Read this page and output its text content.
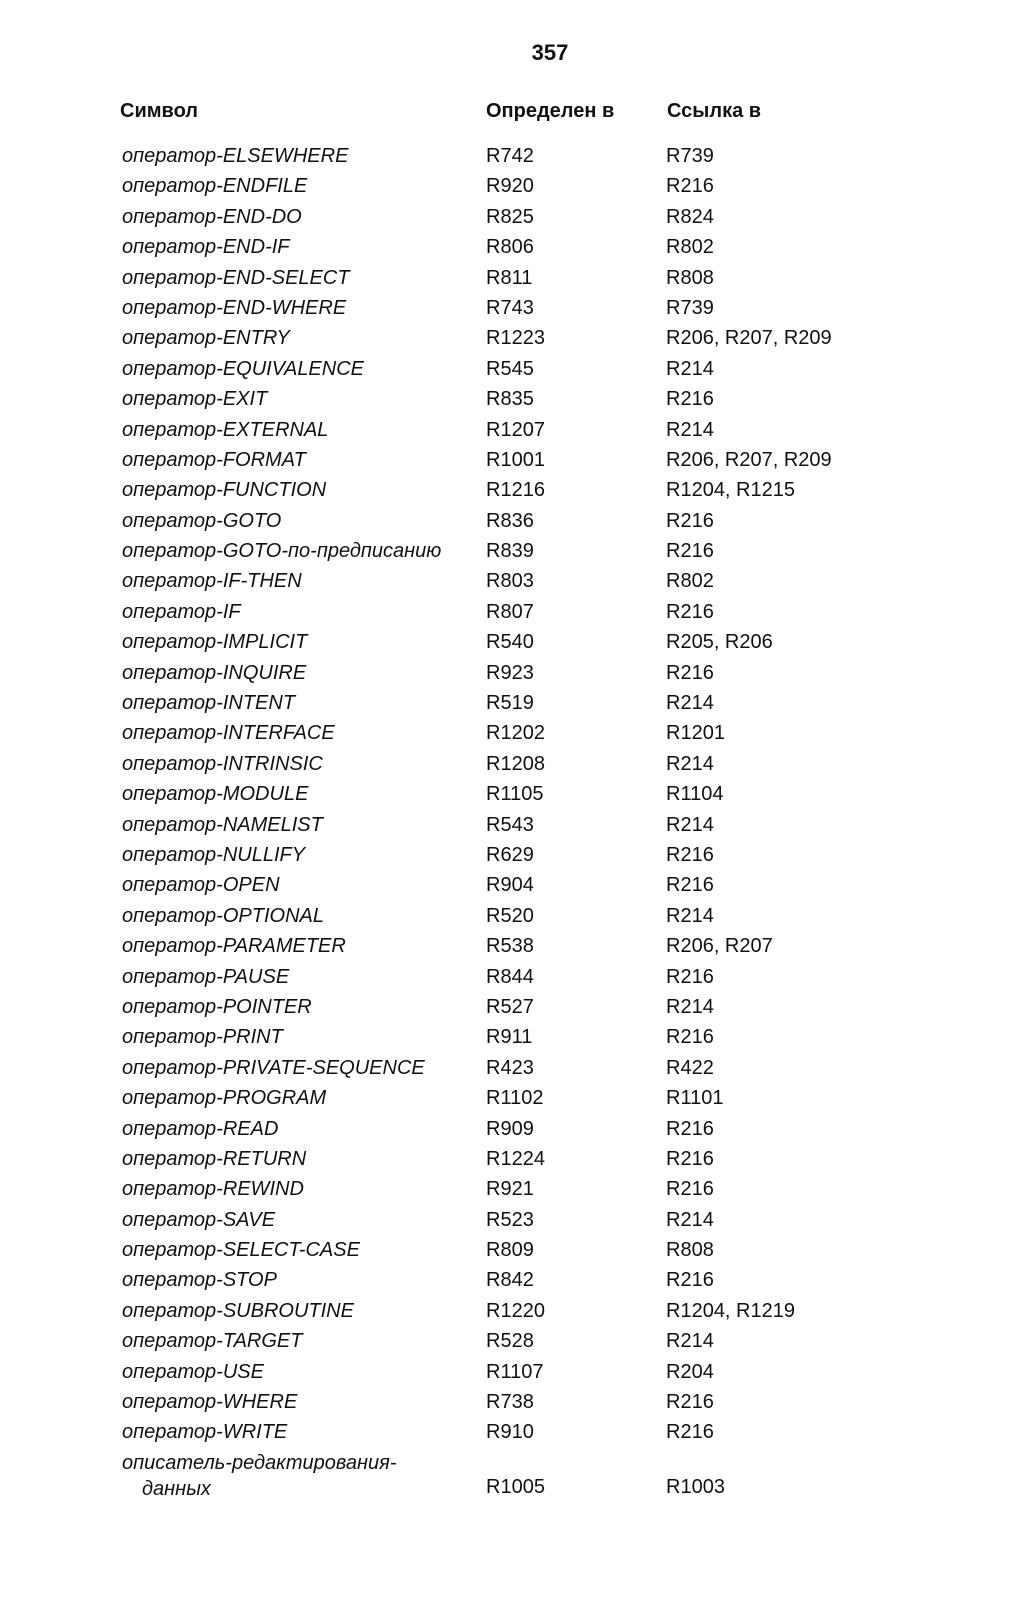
357
Символ	Определен в	Ссылка в
оператор-ELSEWHERE	R742	R739
оператор-ENDFILE	R920	R216
оператор-END-DO	R825	R824
оператор-END-IF	R806	R802
оператор-END-SELECT	R811	R808
оператор-END-WHERE	R743	R739
оператор-ENTRY	R1223	R206, R207, R209
оператор-EQUIVALENCE	R545	R214
оператор-EXIT	R835	R216
оператор-EXTERNAL	R1207	R214
оператор-FORMAT	R1001	R206, R207, R209
оператор-FUNCTION	R1216	R1204, R1215
оператор-GOTO	R836	R216
оператор-GOTO-по-предписанию R839	R216
оператор-IF-THEN	R803	R802
оператор-IF	R807	R216
оператор-IMPLICIT	R540	R205, R206
оператор-INQUIRE	R923	R216
оператор-INTENT	R519	R214
оператор-INTERFACE	R1202	R1201
оператор-INTRINSIC	R1208	R214
оператор-MODULE	R1105	R1104
оператор-NAMELIST	R543	R214
оператор-NULLIFY	R629	R216
оператор-OPEN	R904	R216
оператор-OPTIONAL	R520	R214
оператор-PARAMETER	R538	R206, R207
оператор-PAUSE	R844	R216
оператор-POINTER	R527	R214
оператор-PRINT	R911	R216
оператор-PRIVATE-SEQUENCE	R423	R422
оператор-PROGRAM	R1102	R1101
оператор-READ	R909	R216
оператор-RETURN	R1224	R216
оператор-REWIND	R921	R216
оператор-SAVE	R523	R214
оператор-SELECT-CASE	R809	R808
оператор-STOP	R842	R216
оператор-SUBROUTINE	R1220	R1204, R1219
оператор-TARGET	R528	R214
оператор-USE	R1107	R204
оператор-WHERE	R738	R216
оператор-WRITE	R910	R216
описатель-редактирования-
данных	R1005	R1003
